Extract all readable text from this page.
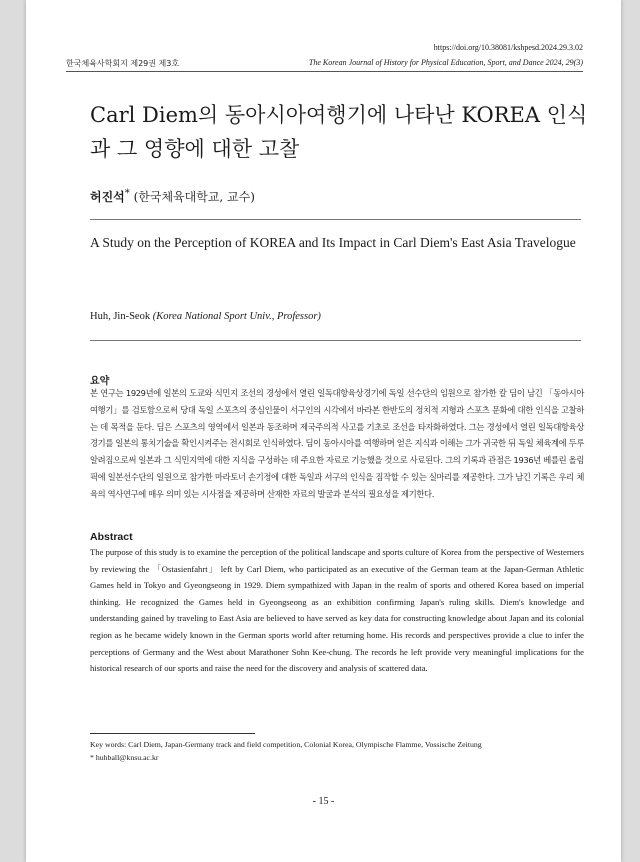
https://doi.org/10.38081/kshpesd.2024.29.3.02
한국체육사학회지 제29권 제3호	The Korean Journal of History for Physical Education, Sport, and Dance 2024, 29(3)
Carl Diem의 동아시아여행기에 나타난 KOREA 인식과 그 영향에 대한 고찰
허진석* (한국체육대학교, 교수)
A Study on the Perception of KOREA and Its Impact in Carl Diem's East Asia Travelogue
Huh, Jin-Seok (Korea National Sport Univ., Professor)
요약

본 연구는 1929년에 일본의 도쿄와 식민지 조선의 경성에서 열린 일독대항육상경기에 독일 선수단의 임원으로 참가한 칼 딤이 남긴 「동아시아여행기」를 검토함으로써 당대 독일 스포츠의 중심인물이 서구인의 시각에서 바라본 한반도의 정치적 지형과 스포츠 문화에 대한 인식을 고찰하는 데 목적을 둔다. 딤은 스포츠의 영역에서 일본과 동조하며 제국주의적 사고를 기초로 조선을 타자화하였다. 그는 경성에서 열린 일독대항육상경기를 일본의 통치기술을 확인시켜주는 전시회로 인식하였다. 딤이 동아시아를 여행하며 얻은 지식과 이해는 그가 귀국한 뒤 독일 체육계에 두루 알려짐으로써 일본과 그 식민지역에 대한 지식을 구성하는 데 주요한 자료로 기능했을 것으로 사료된다. 그의 기록과 관점은 1936년 베를린 올림픽에 일본선수단의 일원으로 참가한 마라토너 손기정에 대한 독일과 서구의 인식을 짐작할 수 있는 실마리를 제공한다. 그가 남긴 기록은 우리 체육의 역사연구에 매우 의미 있는 시사점을 제공하며 산재한 자료의 발굴과 분석의 필요성을 제기한다.

Abstract

The purpose of this study is to examine the perception of the political landscape and sports culture of Korea from the perspective of Westerners by reviewing the 「Ostasienfahrt」 left by Carl Diem, who participated as an executive of the German team at the Japan-German Athletic Games held in Tokyo and Gyeongseong in 1929. Diem sympathized with Japan in the realm of sports and othered Korea based on imperial thinking. He recognized the Games held in Gyeongseong as an exhibition confirming Japan's ruling skills. Diem's knowledge and understanding gained by traveling to East Asia are believed to have served as key data for constructing knowledge about Japan and its colonial region as he became widely known in the German sports world after returning home. His records and perspectives provide a clue to infer the perceptions of Germany and the West about Marathoner Sohn Kee-chung. The records he left provide very meaningful implications for the historical research of our sports and raise the need for the discovery and analysis of scattered data.

Key words: Carl Diem, Japan-Germany track and field competition, Colonial Korea, Olympische Flamme, Vossische Zeitung
* huhball@knsu.ac.kr
- 15 -
